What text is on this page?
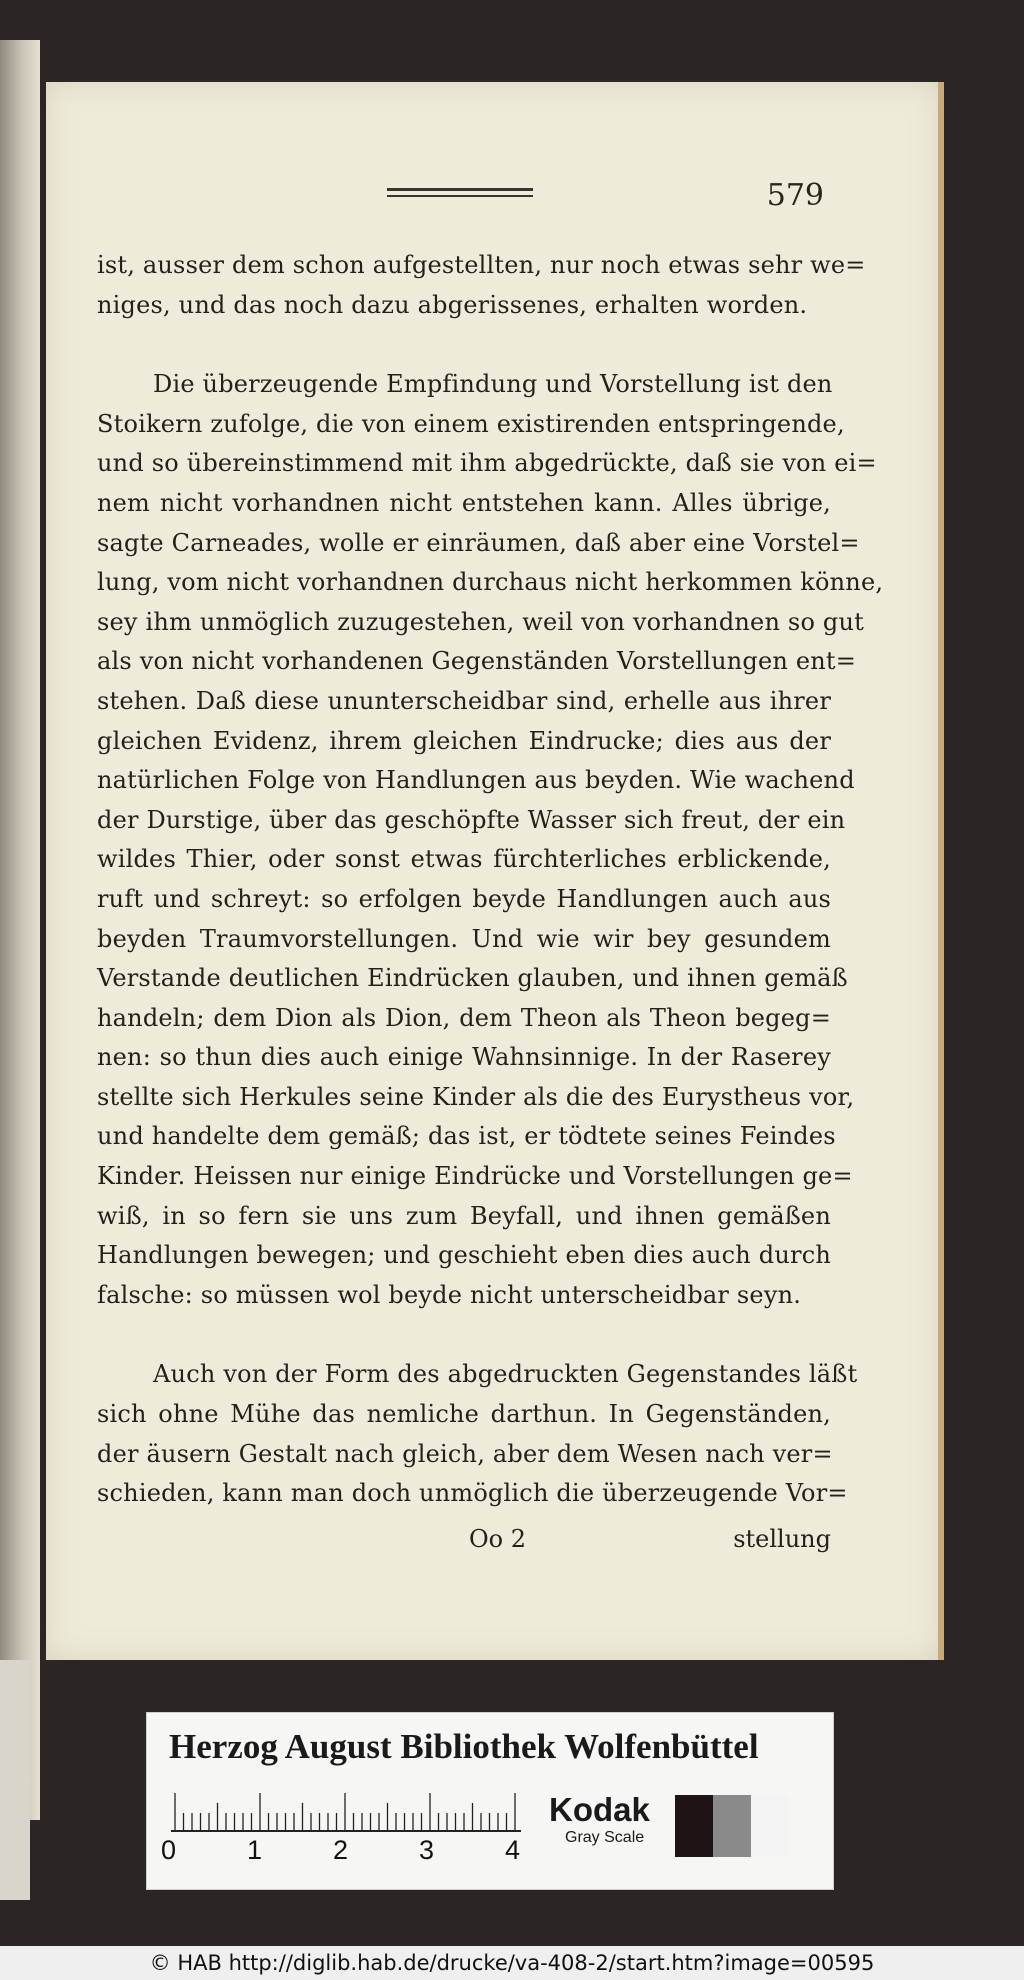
579
ist, ausser dem schon aufgestellten, nur noch etwas sehr we=
niges, und das noch dazu abgerissenes, erhalten worden.
Die überzeugende Empfindung und Vorstellung ist den
Stoikern zufolge, die von einem existirenden entspringende,
und so übereinstimmend mit ihm abgedrückte, daß sie von ei=
nem nicht vorhandnen nicht entstehen kann. Alles übrige,
sagte Carneades, wolle er einräumen, daß aber eine Vorstel=
lung, vom nicht vorhandnen durchaus nicht herkommen könne,
sey ihm unmöglich zuzugestehen, weil von vorhandnen so gut
als von nicht vorhandenen Gegenständen Vorstellungen ent=
stehen. Daß diese ununterscheidbar sind, erhelle aus ihrer
gleichen Evidenz, ihrem gleichen Eindrucke; dies aus der
natürlichen Folge von Handlungen aus beyden. Wie wachend
der Durstige, über das geschöpfte Wasser sich freut, der ein
wildes Thier, oder sonst etwas fürchterliches erblickende,
ruft und schreyt: so erfolgen beyde Handlungen auch aus
beyden Traumvorstellungen. Und wie wir bey gesundem
Verstande deutlichen Eindrücken glauben, und ihnen gemäß
handeln; dem Dion als Dion, dem Theon als Theon begeg=
nen: so thun dies auch einige Wahnsinnige. In der Raserey
stellte sich Herkules seine Kinder als die des Eurystheus vor,
und handelte dem gemäß; das ist, er tödtete seines Feindes
Kinder. Heissen nur einige Eindrücke und Vorstellungen ge=
wiß, in so fern sie uns zum Beyfall, und ihnen gemäßen
Handlungen bewegen; und geschieht eben dies auch durch
falsche: so müssen wol beyde nicht unterscheidbar seyn.
Auch von der Form des abgedruckten Gegenstandes läßt
sich ohne Mühe das nemliche darthun. In Gegenständen,
der äusern Gestalt nach gleich, aber dem Wesen nach ver=
schieden, kann man doch unmöglich die überzeugende Vor=
Oo 2	stellung
Herzog August Bibliothek Wolfenbüttel
0	1	2	3	4
Kodak
Gray Scale
© HAB http://diglib.hab.de/drucke/va-408-2/start.htm?image=00595
